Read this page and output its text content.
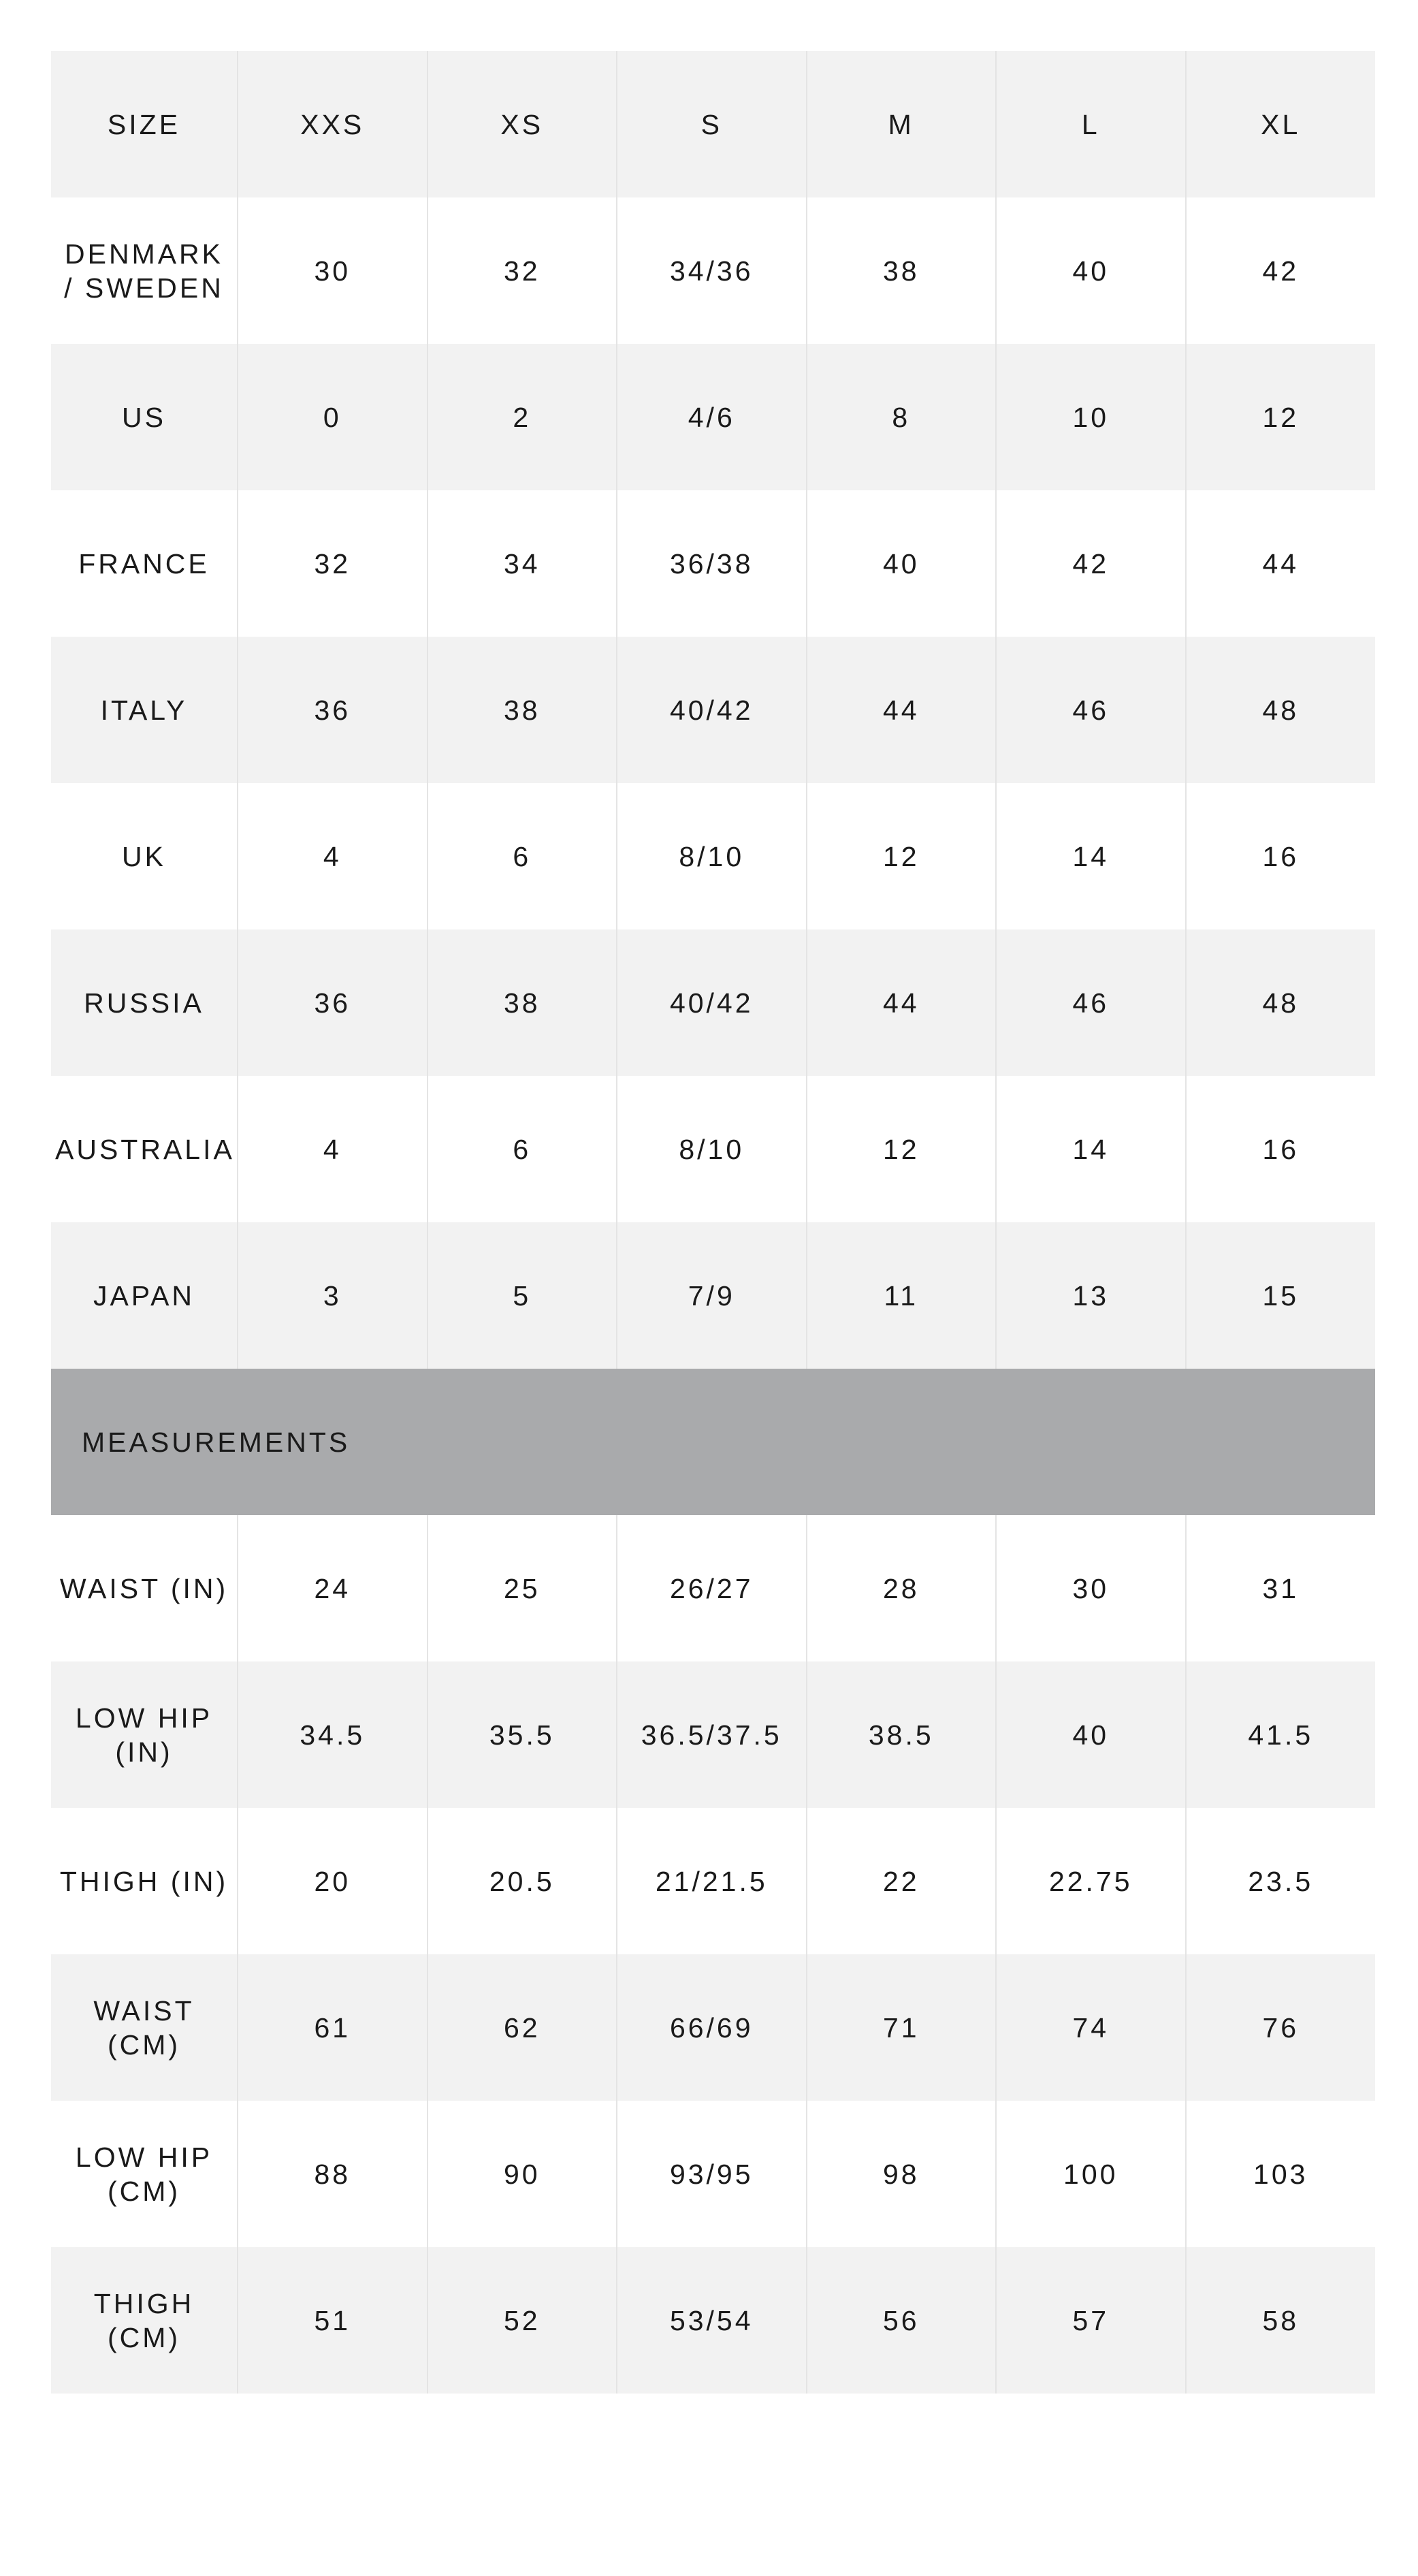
SIZE	XXS	XS	S	M	L	XL
DENMARK / SWEDEN	30	32	34/36	38	40	42
US	0	2	4/6	8	10	12
FRANCE	32	34	36/38	40	42	44
ITALY	36	38	40/42	44	46	48
UK	4	6	8/10	12	14	16
RUSSIA	36	38	40/42	44	46	48
AUSTRALIA	4	6	8/10	12	14	16
JAPAN	3	5	7/9	11	13	15
MEASUREMENTS						
WAIST (IN)	24	25	26/27	28	30	31
LOW HIP (IN)	34.5	35.5	36.5/37.5	38.5	40	41.5
THIGH (IN)	20	20.5	21/21.5	22	22.75	23.5
WAIST (CM)	61	62	66/69	71	74	76
LOW HIP (CM)	88	90	93/95	98	100	103
THIGH (CM)	51	52	53/54	56	57	58
